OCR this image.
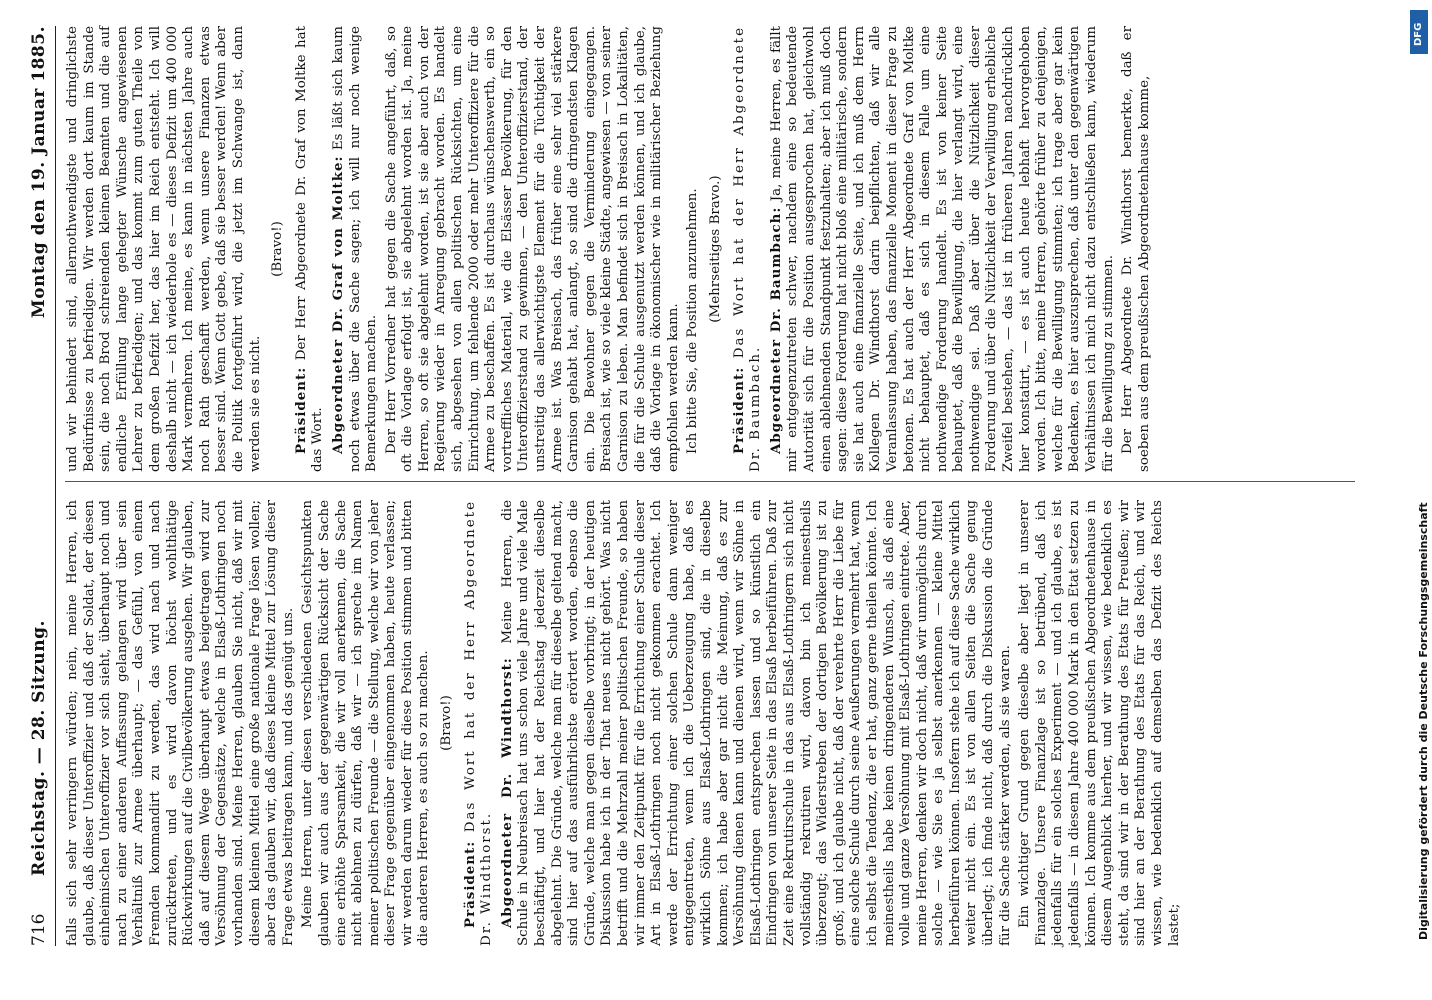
716
Reichstag. — 28. Sitzung.
Montag den 19. Januar 1885.

falls sich sehr verringern würden; nein, meine Herren, ich glaube, daß dieser Unteroffizier und daß der Soldat, der diesen einheimischen Unteroffizier vor sich sieht, überhaupt noch und nach zu einer anderen Auffassung gelangen wird über sein Verhältniß zur Armee überhaupt; — das Gefühl, von einem Fremden kommandirt zu werden, das wird nach und nach zurücktreten, und es wird davon höchst wohlthätige Rückwirkungen auf die Civilbevölkerung ausgehen. Wir glauben, daß auf diesem Wege überhaupt etwas beigetragen wird zur Versöhnung der Gegensätze, welche in Elsaß-Lothringen noch vorhanden sind. Meine Herren, glauben Sie nicht, daß wir mit diesem kleinen Mittel eine große nationale Frage lösen wollen; aber das glauben wir, daß dieses kleine Mittel zur Lösung dieser Frage etwas beitragen kann, und das genügt uns. Meine Herren, unter diesen verschiedenen Gesichtspunkten glauben wir auch aus der gegenwärtigen Rücksicht der Sache eine erhöhte Sparsamkeit, die wir voll anerkennen, die Sache nicht ablehnen zu dürfen, daß wir — ich spreche im Namen meiner politischen Freunde — die Stellung, welche wir von jeher dieser Frage gegenüber eingenommen haben, heute verlassen; wir werden darum wieder für diese Position stimmen und bitten die anderen Herren, es auch so zu machen. (Bravo!)

Präsident: Das Wort hat der Herr Abgeordnete Dr. Windthorst. Abgeordneter Dr. Windthorst: Meine Herren, die Schule in Neubreisach hat uns schon viele Jahre und viele Male beschäftigt, und hier hat der Reichstag jederzeit dieselbe abgelehnt. Die Gründe, welche man für dieselbe geltend macht, sind hier auf das ausführlichste erörtert worden, ebenso die Gründe, welche man gegen dieselbe vorbringt; in der heutigen Diskussion habe ich in der That neues nicht gehört. Was nicht betrifft und die Mehrzahl meiner politischen Freunde, so haben wir immer den Zeitpunkt für die Errichtung einer Schule dieser Art in Elsaß-Lothringen noch nicht gekommen erachtet. Ich werde der Errichtung einer solchen Schule dann weniger entgegentreten, wenn ich die Ueberzeugung habe, daß es wirklich Söhne aus Elsaß-Lothringen sind, die in dieselbe kommen; ich habe aber gar nicht die Meinung, daß es zur Versöhnung dienen kann und dienen wird, wenn wir Söhne in Elsaß-Lothringen entsprechen lassen und so künstlich ein Eindringen von unserer Seite in das Elsaß herbeiführen. Daß zur Zeit eine Rekrutirschule in das aus Elsaß-Lothringern sich nicht vollständig rekrutiren wird, davon bin ich meinestheils überzeugt; das Widerstreben der dortigen Bevölkerung ist zu groß; und ich glaube nicht, daß der verehrte Herr die Liebe für eine solche Schule durch seine Aeußerungen vermehrt hat, wenn ich selbst die Tendenz, die er hat, ganz gerne theilen könnte. Ich meinestheils habe keinen dringenderen Wunsch, als daß eine volle und ganze Versöhnung mit Elsaß-Lothringen eintrete. Aber, meine Herren, denken wir doch nicht, daß wir unmöglichs durch solche — wie Sie es ja selbst anerkennen — kleine Mittel herbeiführen können. Insofern stehe ich auf diese Sache wirklich weiter nicht ein. Es ist von allen Seiten die Sache genug überlegt; ich finde nicht, daß durch die Diskussion die Gründe für die Sache stärker werden, als sie waren. Ein wichtiger Grund gegen dieselbe aber liegt in unserer Finanzlage. Unsere Finanzlage ist so betrübend, daß ich jedenfalls für ein solches Experiment — und ich glaube, es ist jedenfalls — in diesem Jahre 400 000 Mark in den Etat setzen zu können. Ich komme aus dem preußischen Abgeordnetenhause in diesem Augenblick hierher, und wir wissen, wie bedenklich es steht, da sind wir in der Berathung des Etats für Preußen; wir sind hier an der Berathung des Etats für das Reich, und wir wissen, wie bedenklich auf demselben das Defizit des Reichs lastet;

und wir behindert sind, allernothwendigste und dringlichste Bedürfnisse zu befriedigen. Wir werden dort kaum im Stande sein, die noch Brod schreienden kleinen Beamten und die auf endliche Erfüllung lange gehegter Wünsche angewiesenen Lehrer zu befriedigen; und das kommt zum guten Theile von dem großen Defizit her, das hier im Reich entsteht. Ich will deshalb nicht — ich wiederhole es — dieses Defizit um 400 000 Mark vermehren. Ich meine, es kann in nächsten Jahre auch noch Rath geschafft werden, wenn unsere Finanzen etwas besser sind. Wenn Gott gebe, daß sie besser werden! Wenn aber die Politik fortgeführt wird, die jetzt im Schwange ist, dann werden sie es nicht.

(Bravo!)

Präsident: Der Herr Abgeordnete Dr. Graf von Moltke hat das Wort. Abgeordneter Dr. Graf von Moltke: Es läßt sich kaum noch etwas über die Sache sagen; ich will nur noch wenige Bemerkungen machen. Der Herr Vorredner hat gegen die Sache angeführt, daß, so oft die Vorlage erfolgt ist, sie abgelehnt worden ist. Ja, meine Herren, so oft sie abgelehnt worden, ist sie aber auch von der Regierung wieder in Anregung gebracht worden. Es handelt sich, abgesehen von allen politischen Rücksichten, um eine Einrichtung, um fehlende 2000 oder mehr Unteroffiziere für die Armee zu beschaffen. Es ist durchaus wünschenswerth, ein so vortreffliches Material, wie die Elsässer Bevölkerung, für den Unteroffizierstand zu gewinnen, — den Unteroffizierstand, der unstreitig das allerwichtigste Element für die Tüchtigkeit der Armee ist. Was Breisach, das früher eine sehr viel stärkere Garnison gehabt hat, anlangt, so sind die dringendsten Klagen ein. Die Bewohner gegen die Verminderung eingegangen. Breisach ist, wie so viele kleine Städte, angewiesen — von seiner Garnison zu leben. Man befindet sich in Breisach in Lokalitäten, die für die Schule ausgenutzt werden können, und ich glaube, daß die Vorlage in ökonomischer wie in militärischer Beziehung empfohlen werden kann. Ich bitte Sie, die Position anzunehmen. (Mehrseitiges Bravo.)

Präsident: Das Wort hat der Herr Abgeordnete Dr. Baumbach. Abgeordneter Dr. Baumbach: Ja, meine Herren, es fällt mir entgegenzutreten schwer, nachdem eine so bedeutende Autorität sich für die Position ausgesprochen hat, gleichwohl einen ablehnenden Standpunkt festzuhalten; aber ich muß doch sagen: diese Forderung hat nicht bloß eine militärische, sondern sie hat auch eine finanzielle Seite, und ich muß dem Herrn Kollegen Dr. Windthorst darin beipflichten, daß wir alle Veranlassung haben, das finanzielle Moment in dieser Frage zu betonen. Es hat auch der Herr Abgeordnete Graf von Moltke nicht behauptet, daß es sich in diesem Falle um eine nothwendige Forderung handelt. Es ist von keiner Seite behauptet, daß die Bewilligung, die hier verlangt wird, eine nothwendige sei. Daß aber über die Nützlichkeit dieser Forderung und über die Nützlichkeit der Verwilligung erhebliche Zweifel bestehen, — das ist in früheren Jahren nachdrücklich hier konstatirt, — es ist auch heute lebhaft hervorgehoben worden. Ich bitte, meine Herren, gehörte früher zu denjenigen, welche für die Bewilligung stimmten; ich trage aber gar kein Bedenken, es hier auszusprechen, daß unter den gegenwärtigen Verhältnissen ich mich nicht dazu entschließen kann, wiederum für die Bewilligung zu stimmen. Der Herr Abgeordnete Dr. Windthorst bemerkte, daß er soeben aus dem preußischen Abgeordnetenhause komme,

Digitalisierung gefördert durch die Deutsche Forschungsgemeinschaft
DFG
